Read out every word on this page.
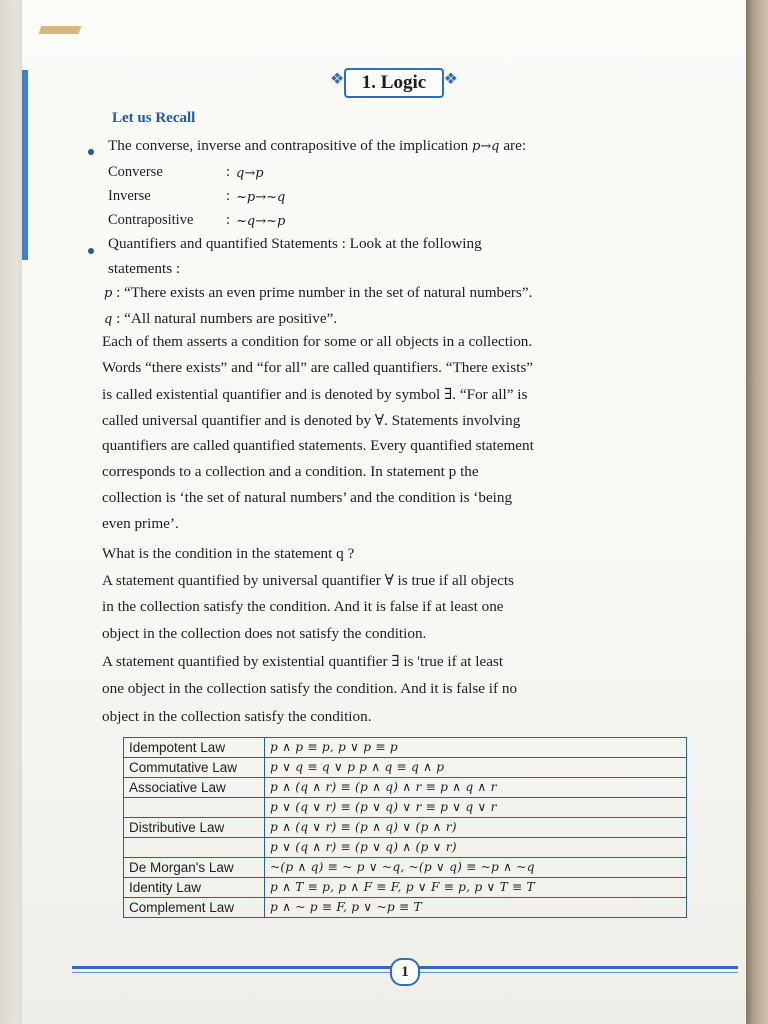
❖ 1. Logic	❖
Let us Recall
The converse, inverse and contrapositive of the implication p→q are:
Converse	: q→p
Inverse	: ~p→~q
Contrapositive : ~q→~p
Quantifiers and quantified Statements : Look at the following
statements :
p : “There exists an even prime number in the set of natural numbers”.
q : “All natural numbers are positive”.
Each of them asserts a condition for some or all objects in a collection.
Words “there exists” and “for all” are called quantifiers. “There exists”
is called existential quantifier and is denoted by symbol ∃. “For all” is
called universal quantifier and is denoted by ∀. Statements involving
quantifiers are called quantified statements. Every quantified statement
corresponds to a collection and a condition. In statement p the
collection is ‘the set of natural numbers’ and the condition is ‘being
even prime’.
What is the condition in the statement q ?
A statement quantified by universal quantifier ∀ is true if all objects
in the collection satisfy the condition. And it is false if at least one
object in the collection does not satisfy the condition.
A statement quantified by existential quantifier ∃ is 'true if at least
one object in the collection satisfy the condition. And it is false if no
object in the collection satisfy the condition.
Idempotent Law	p ∧ p ≡ p, p ∨ p ≡ p
Commutative Law	p ∨ q ≡ q ∨ p p ∧ q ≡ q ∧ p
Associative Law	p ∧ (q ∧ r) ≡ (p ∧ q) ∧ r ≡ p ∧ q ∧ r
	p ∨ (q ∨ r) ≡ (p ∨ q) ∨ r ≡ p ∨ q ∨ r
Distributive Law	p ∧ (q ∨ r) ≡ (p ∧ q) ∨ (p ∧ r)
	p ∨ (q ∧ r) ≡ (p ∨ q) ∧ (p ∨ r)
De Morgan's Law	~(p ∧ q) ≡ ~ p ∨ ~q, ~(p ∨ q) ≡ ~p ∧ ~q
Identity Law	p ∧ T ≡ p, p ∧ F ≡ F, p ∨ F ≡ p, p ∨ T ≡ T
Complement Law	p ∧ ~ p ≡ F, p ∨ ~p ≡ T
1
